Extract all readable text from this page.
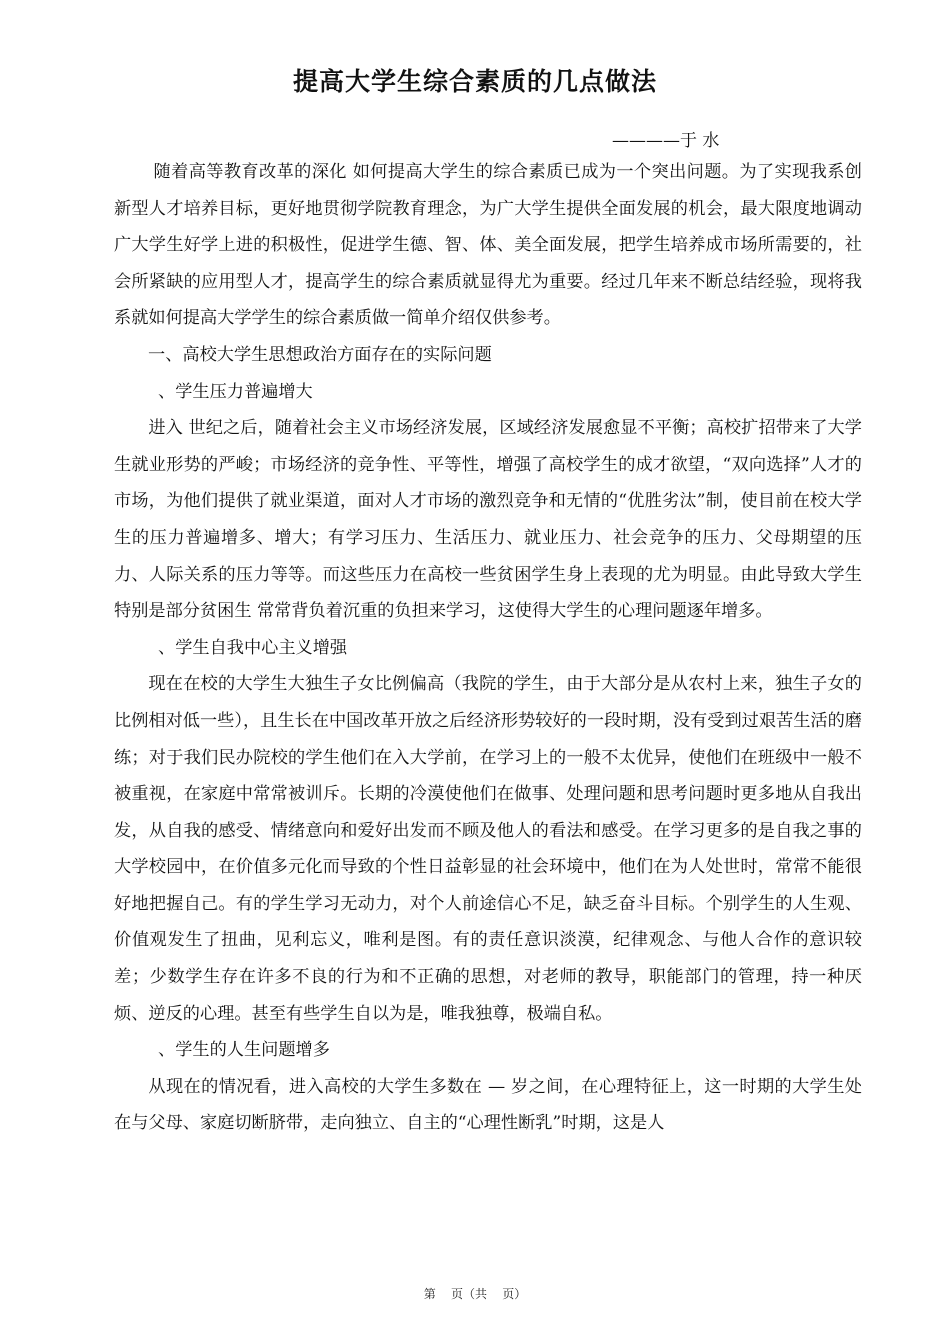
提高大学生综合素质的几点做法
————于 水

随着高等教育改革的深化 如何提高大学生的综合素质已成为一个突出问题。为了实现我系创新型人才培养目标，更好地贯彻学院教育理念，为广大学生提供全面发展的机会，最大限度地调动广大学生好学上进的积极性，促进学生德、智、体、美全面发展，把学生培养成市场所需要的，社会所紧缺的应用型人才，提高学生的综合素质就显得尤为重要。经过几年来不断总结经验，现将我系就如何提高大学学生的综合素质做一简单介绍仅供参考。

一、高校大学生思想政治方面存在的实际问题

、学生压力普遍增大

进入 世纪之后，随着社会主义市场经济发展，区域经济发展愈显不平衡；高校扩招带来了大学生就业形势的严峻；市场经济的竞争性、平等性，增强了高校学生的成才欲望，“双向选择”人才的市场，为他们提供了就业渠道，面对人才市场的激烈竞争和无情的“优胜劣汰”制，使目前在校大学生的压力普遍增多、增大；有学习压力、生活压力、就业压力、社会竞争的压力、父母期望的压力、人际关系的压力等等。而这些压力在高校一些贫困学生身上表现的尤为明显。由此导致大学生 特别是部分贫困生 常常背负着沉重的负担来学习，这使得大学生的心理问题逐年增多。

、学生自我中心主义增强

现在在校的大学生大独生子女比例偏高（我院的学生，由于大部分是从农村上来，独生子女的比例相对低一些），且生长在中国改革开放之后经济形势较好的一段时期，没有受到过艰苦生活的磨练；对于我们民办院校的学生他们在入大学前，在学习上的一般不太优异，使他们在班级中一般不被重视，在家庭中常常被训斥。长期的冷漠使他们在做事、处理问题和思考问题时更多地从自我出发，从自我的感受、情绪意向和爱好出发而不顾及他人的看法和感受。在学习更多的是自我之事的大学校园中，在价值多元化而导致的个性日益彰显的社会环境中，他们在为人处世时，常常不能很好地把握自己。有的学生学习无动力，对个人前途信心不足，缺乏奋斗目标。个别学生的人生观、价值观发生了扭曲，见利忘义，唯利是图。有的责任意识淡漠，纪律观念、与他人合作的意识较差；少数学生存在许多不良的行为和不正确的思想，对老师的教导，职能部门的管理，持一种厌烦、逆反的心理。甚至有些学生自以为是，唯我独尊，极端自私。

、学生的人生问题增多

从现在的情况看，进入高校的大学生多数在 — 岁之间，在心理特征上，这一时期的大学生处在与父母、家庭切断脐带，走向独立、自主的“心理性断乳”时期，这是人

第    页（共    页）
